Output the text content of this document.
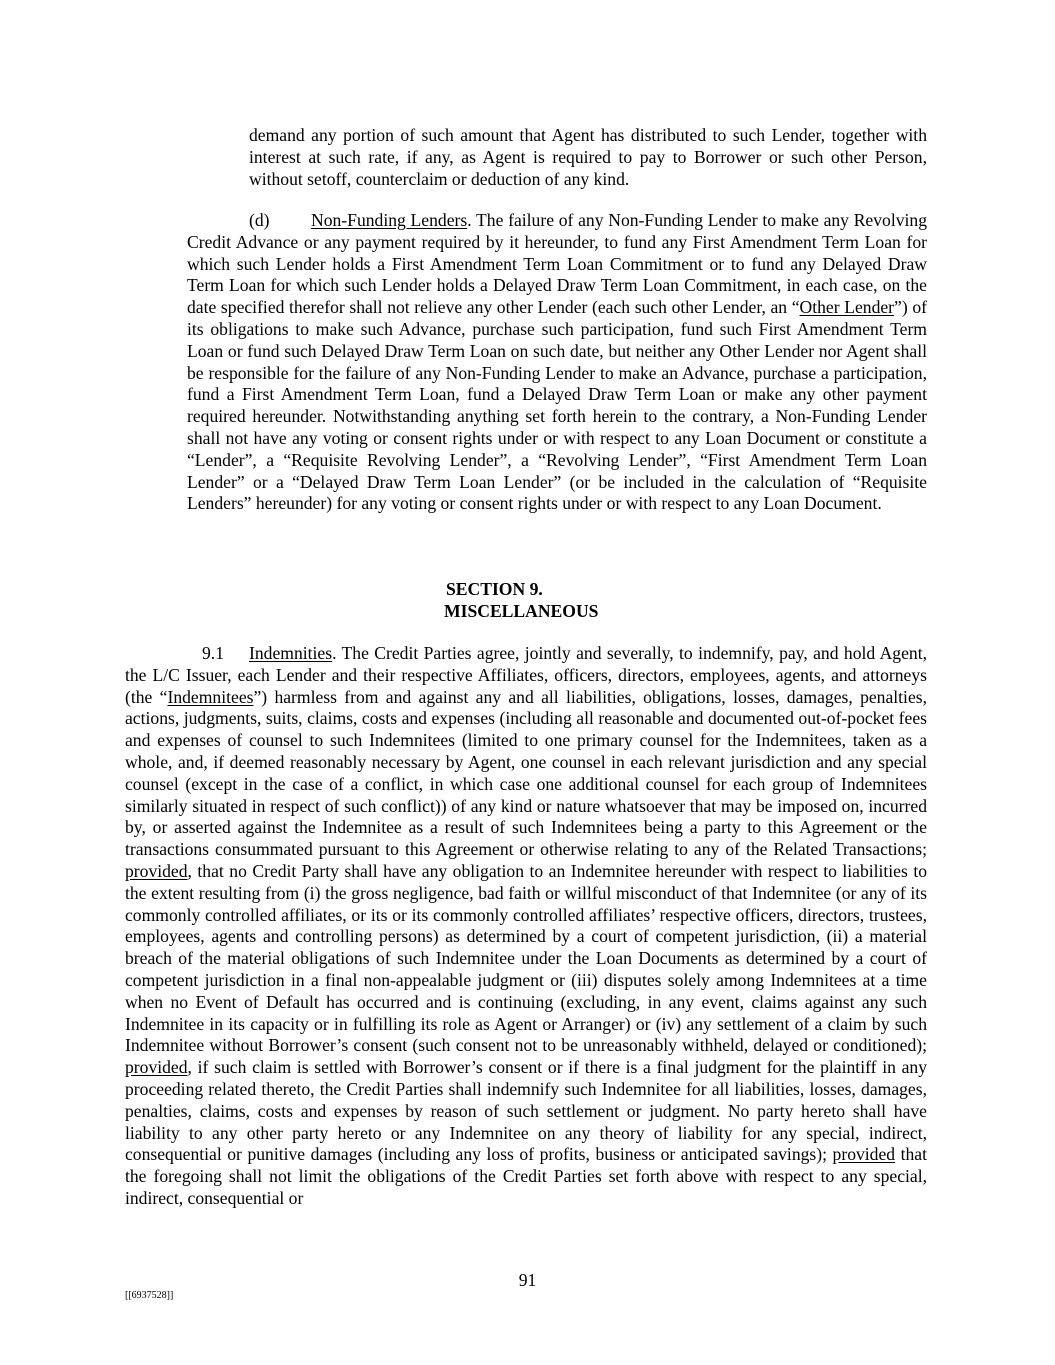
demand any portion of such amount that Agent has distributed to such Lender, together with interest at such rate, if any, as Agent is required to pay to Borrower or such other Person, without setoff, counterclaim or deduction of any kind.

(d) Non-Funding Lenders. The failure of any Non-Funding Lender to make any Revolving Credit Advance or any payment required by it hereunder, to fund any First Amendment Term Loan for which such Lender holds a First Amendment Term Loan Commitment or to fund any Delayed Draw Term Loan for which such Lender holds a Delayed Draw Term Loan Commitment, in each case, on the date specified therefor shall not relieve any other Lender (each such other Lender, an “Other Lender”) of its obligations to make such Advance, purchase such participation, fund such First Amendment Term Loan or fund such Delayed Draw Term Loan on such date, but neither any Other Lender nor Agent shall be responsible for the failure of any Non-Funding Lender to make an Advance, purchase a participation, fund a First Amendment Term Loan, fund a Delayed Draw Term Loan or make any other payment required hereunder. Notwithstanding anything set forth herein to the contrary, a Non-Funding Lender shall not have any voting or consent rights under or with respect to any Loan Document or constitute a “Lender”, a “Requisite Revolving Lender”, a “Revolving Lender”, “First Amendment Term Loan Lender” or a “Delayed Draw Term Loan Lender” (or be included in the calculation of “Requisite Lenders” hereunder) for any voting or consent rights under or with respect to any Loan Document.

SECTION 9.
MISCELLANEOUS

9.1 Indemnities. The Credit Parties agree, jointly and severally, to indemnify, pay, and hold Agent, the L/C Issuer, each Lender and their respective Affiliates, officers, directors, employees, agents, and attorneys (the “Indemnitees”) harmless from and against any and all liabilities, obligations, losses, damages, penalties, actions, judgments, suits, claims, costs and expenses (including all reasonable and documented out-of-pocket fees and expenses of counsel to such Indemnitees (limited to one primary counsel for the Indemnitees, taken as a whole, and, if deemed reasonably necessary by Agent, one counsel in each relevant jurisdiction and any special counsel (except in the case of a conflict, in which case one additional counsel for each group of Indemnitees similarly situated in respect of such conflict)) of any kind or nature whatsoever that may be imposed on, incurred by, or asserted against the Indemnitee as a result of such Indemnitees being a party to this Agreement or the transactions consummated pursuant to this Agreement or otherwise relating to any of the Related Transactions; provided, that no Credit Party shall have any obligation to an Indemnitee hereunder with respect to liabilities to the extent resulting from (i) the gross negligence, bad faith or willful misconduct of that Indemnitee (or any of its commonly controlled affiliates, or its or its commonly controlled affiliates’ respective officers, directors, trustees, employees, agents and controlling persons) as determined by a court of competent jurisdiction, (ii) a material breach of the material obligations of such Indemnitee under the Loan Documents as determined by a court of competent jurisdiction in a final non-appealable judgment or (iii) disputes solely among Indemnitees at a time when no Event of Default has occurred and is continuing (excluding, in any event, claims against any such Indemnitee in its capacity or in fulfilling its role as Agent or Arranger) or (iv) any settlement of a claim by such Indemnitee without Borrower’s consent (such consent not to be unreasonably withheld, delayed or conditioned); provided, if such claim is settled with Borrower’s consent or if there is a final judgment for the plaintiff in any proceeding related thereto, the Credit Parties shall indemnify such Indemnitee for all liabilities, losses, damages, penalties, claims, costs and expenses by reason of such settlement or judgment. No party hereto shall have liability to any other party hereto or any Indemnitee on any theory of liability for any special, indirect, consequential or punitive damages (including any loss of profits, business or anticipated savings); provided that the foregoing shall not limit the obligations of the Credit Parties set forth above with respect to any special, indirect, consequential or

91
[[6937528]]
